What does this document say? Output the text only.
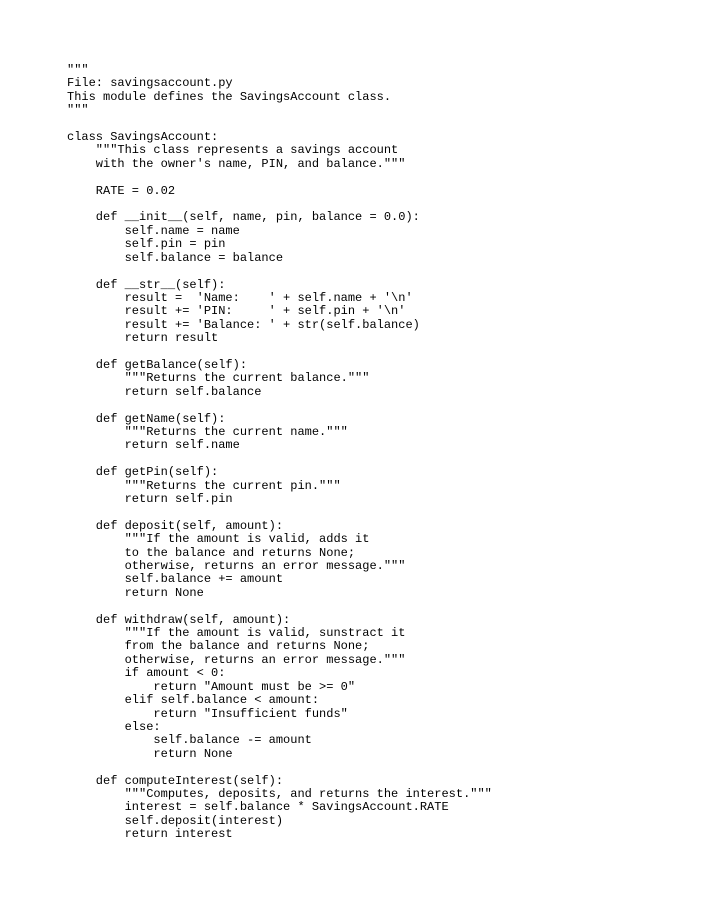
"""
File: savingsaccount.py
This module defines the SavingsAccount class.
"""
class SavingsAccount:
"""This class represents a savings account
with the owner's name, PIN, and balance."""
RATE = 0.02
def __init__(self, name, pin, balance = 0.0):
self.name = name
self.pin = pin
self.balance = balance
def __str__(self):
result =  'Name:    ' + self.name + '\n'
result += 'PIN:     ' + self.pin + '\n'
result += 'Balance: ' + str(self.balance)
return result
def getBalance(self):
"""Returns the current balance."""
return self.balance
def getName(self):
"""Returns the current name."""
return self.name
def getPin(self):
"""Returns the current pin."""
return self.pin
def deposit(self, amount):
"""If the amount is valid, adds it
to the balance and returns None;
otherwise, returns an error message."""
self.balance += amount
return None
def withdraw(self, amount):
"""If the amount is valid, sunstract it
from the balance and returns None;
otherwise, returns an error message."""
if amount < 0:
return "Amount must be >= 0"
elif self.balance < amount:
return "Insufficient funds"
else:
self.balance -= amount
return None
def computeInterest(self):
"""Computes, deposits, and returns the interest."""
interest = self.balance * SavingsAccount.RATE
self.deposit(interest)
return interest
